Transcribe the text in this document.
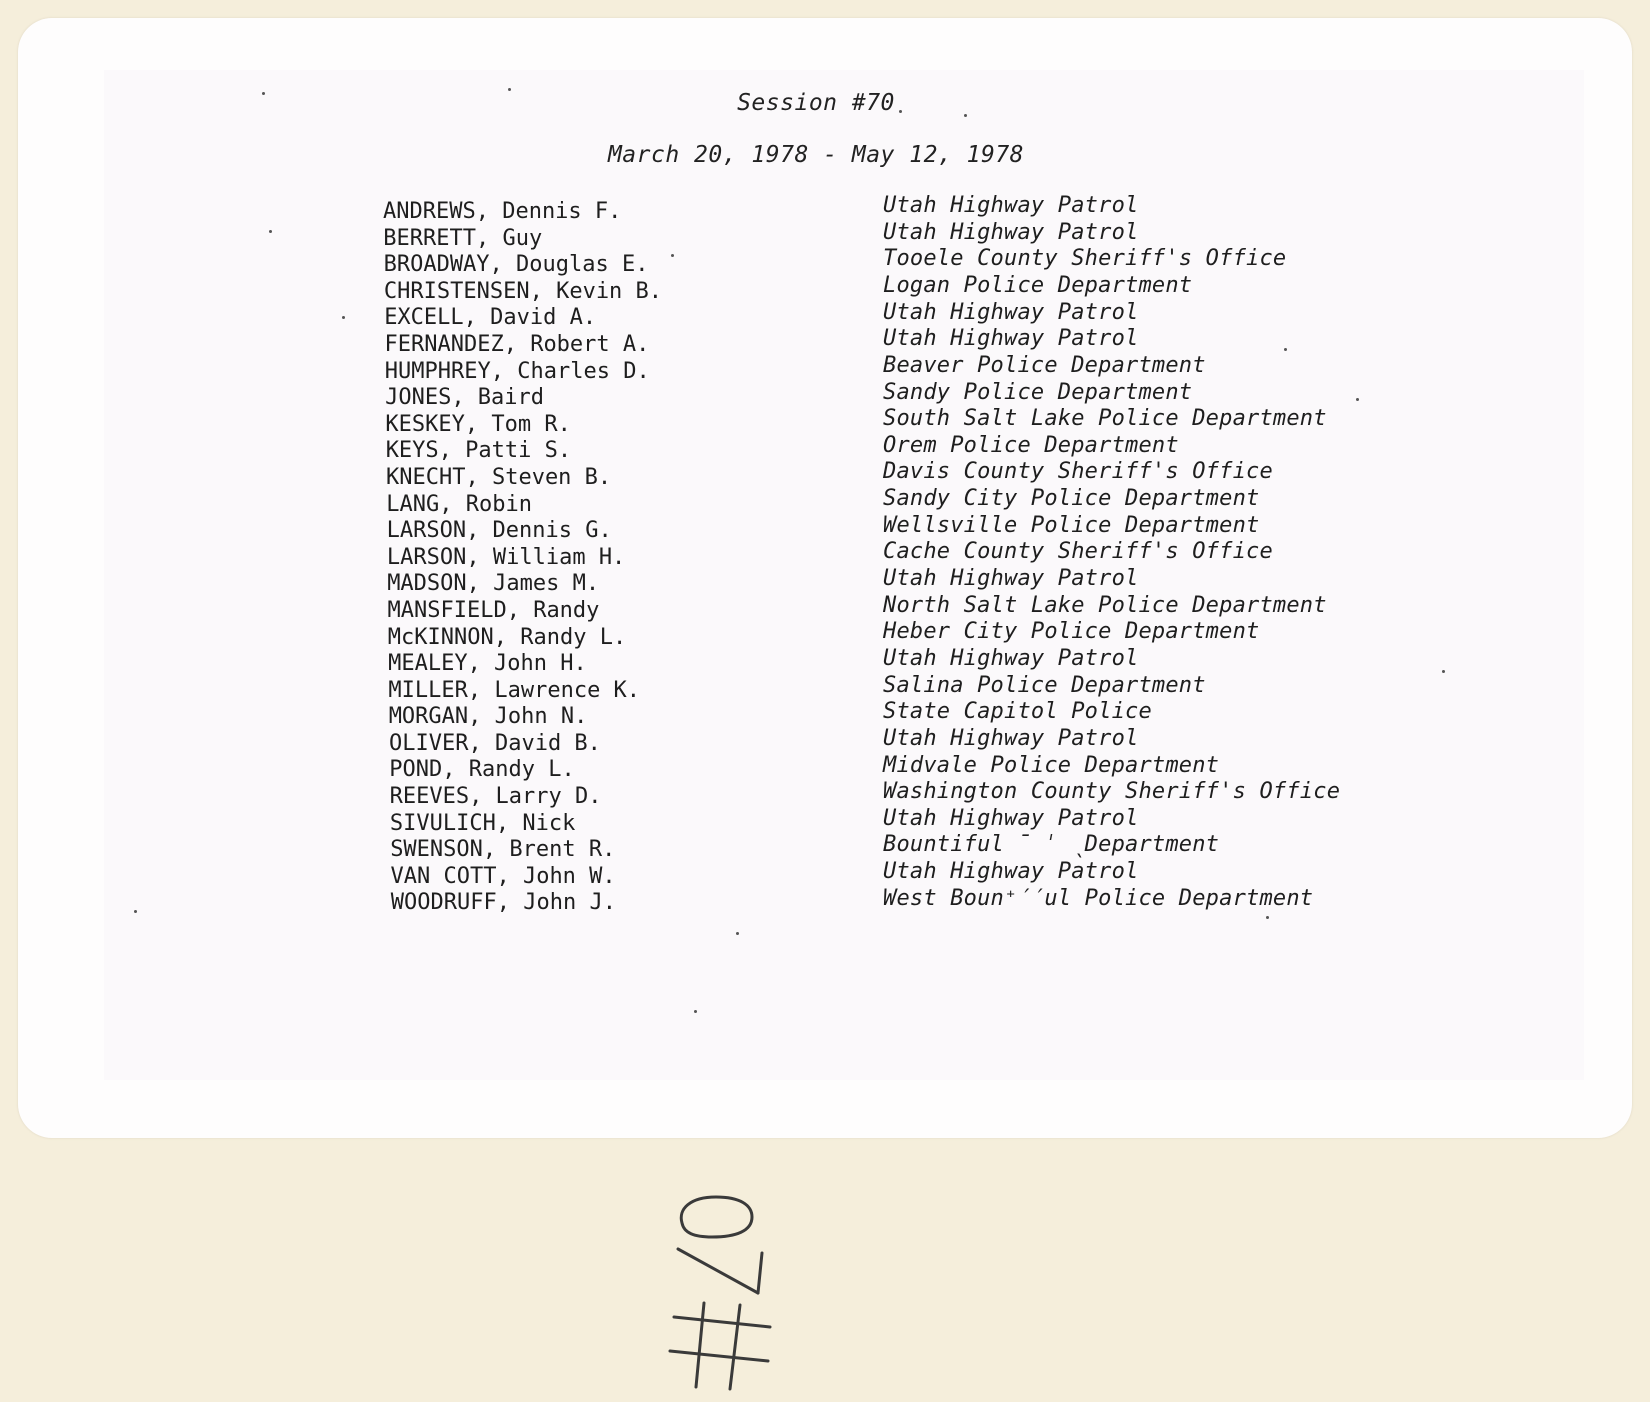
Session #70
March 20, 1978 - May 12, 1978
ANDREWS, Dennis F.	Utah Highway Patrol
BERRETT, Guy	Utah Highway Patrol
BROADWAY, Douglas E.	Tooele County Sheriff's Office
CHRISTENSEN, Kevin B.	Logan Police Department
EXCELL, David A.	Utah Highway Patrol
FERNANDEZ, Robert A.	Utah Highway Patrol
HUMPHREY, Charles D.	Beaver Police Department
JONES, Baird	Sandy Police Department
KESKEY, Tom R.	South Salt Lake Police Department
KEYS, Patti S.	Orem Police Department
KNECHT, Steven B.	Davis County Sheriff's Office
LANG, Robin	Sandy City Police Department
LARSON, Dennis G.	Wellsville Police Department
LARSON, William H.	Cache County Sheriff's Office
MADSON, James M.	Utah Highway Patrol
MANSFIELD, Randy	North Salt Lake Police Department
McKINNON, Randy L.	Heber City Police Department
MEALEY, John H.	Utah Highway Patrol
MILLER, Lawrence K.	Salina Police Department
MORGAN, John N.	State Capitol Police
OLIVER, David B.	Utah Highway Patrol
POND, Randy L.	Midvale Police Department
REEVES, Larry D.	Washington County Sheriff's Office
SIVULICH, Nick	Utah Highway Patrol
SWENSON, Brent R.	Bountiful ˉ ˈ ˎDepartment
VAN COTT, John W.	Utah Highway Patrol
WOODRUFF, John J.	West Boun⁺′′ul Police Department
